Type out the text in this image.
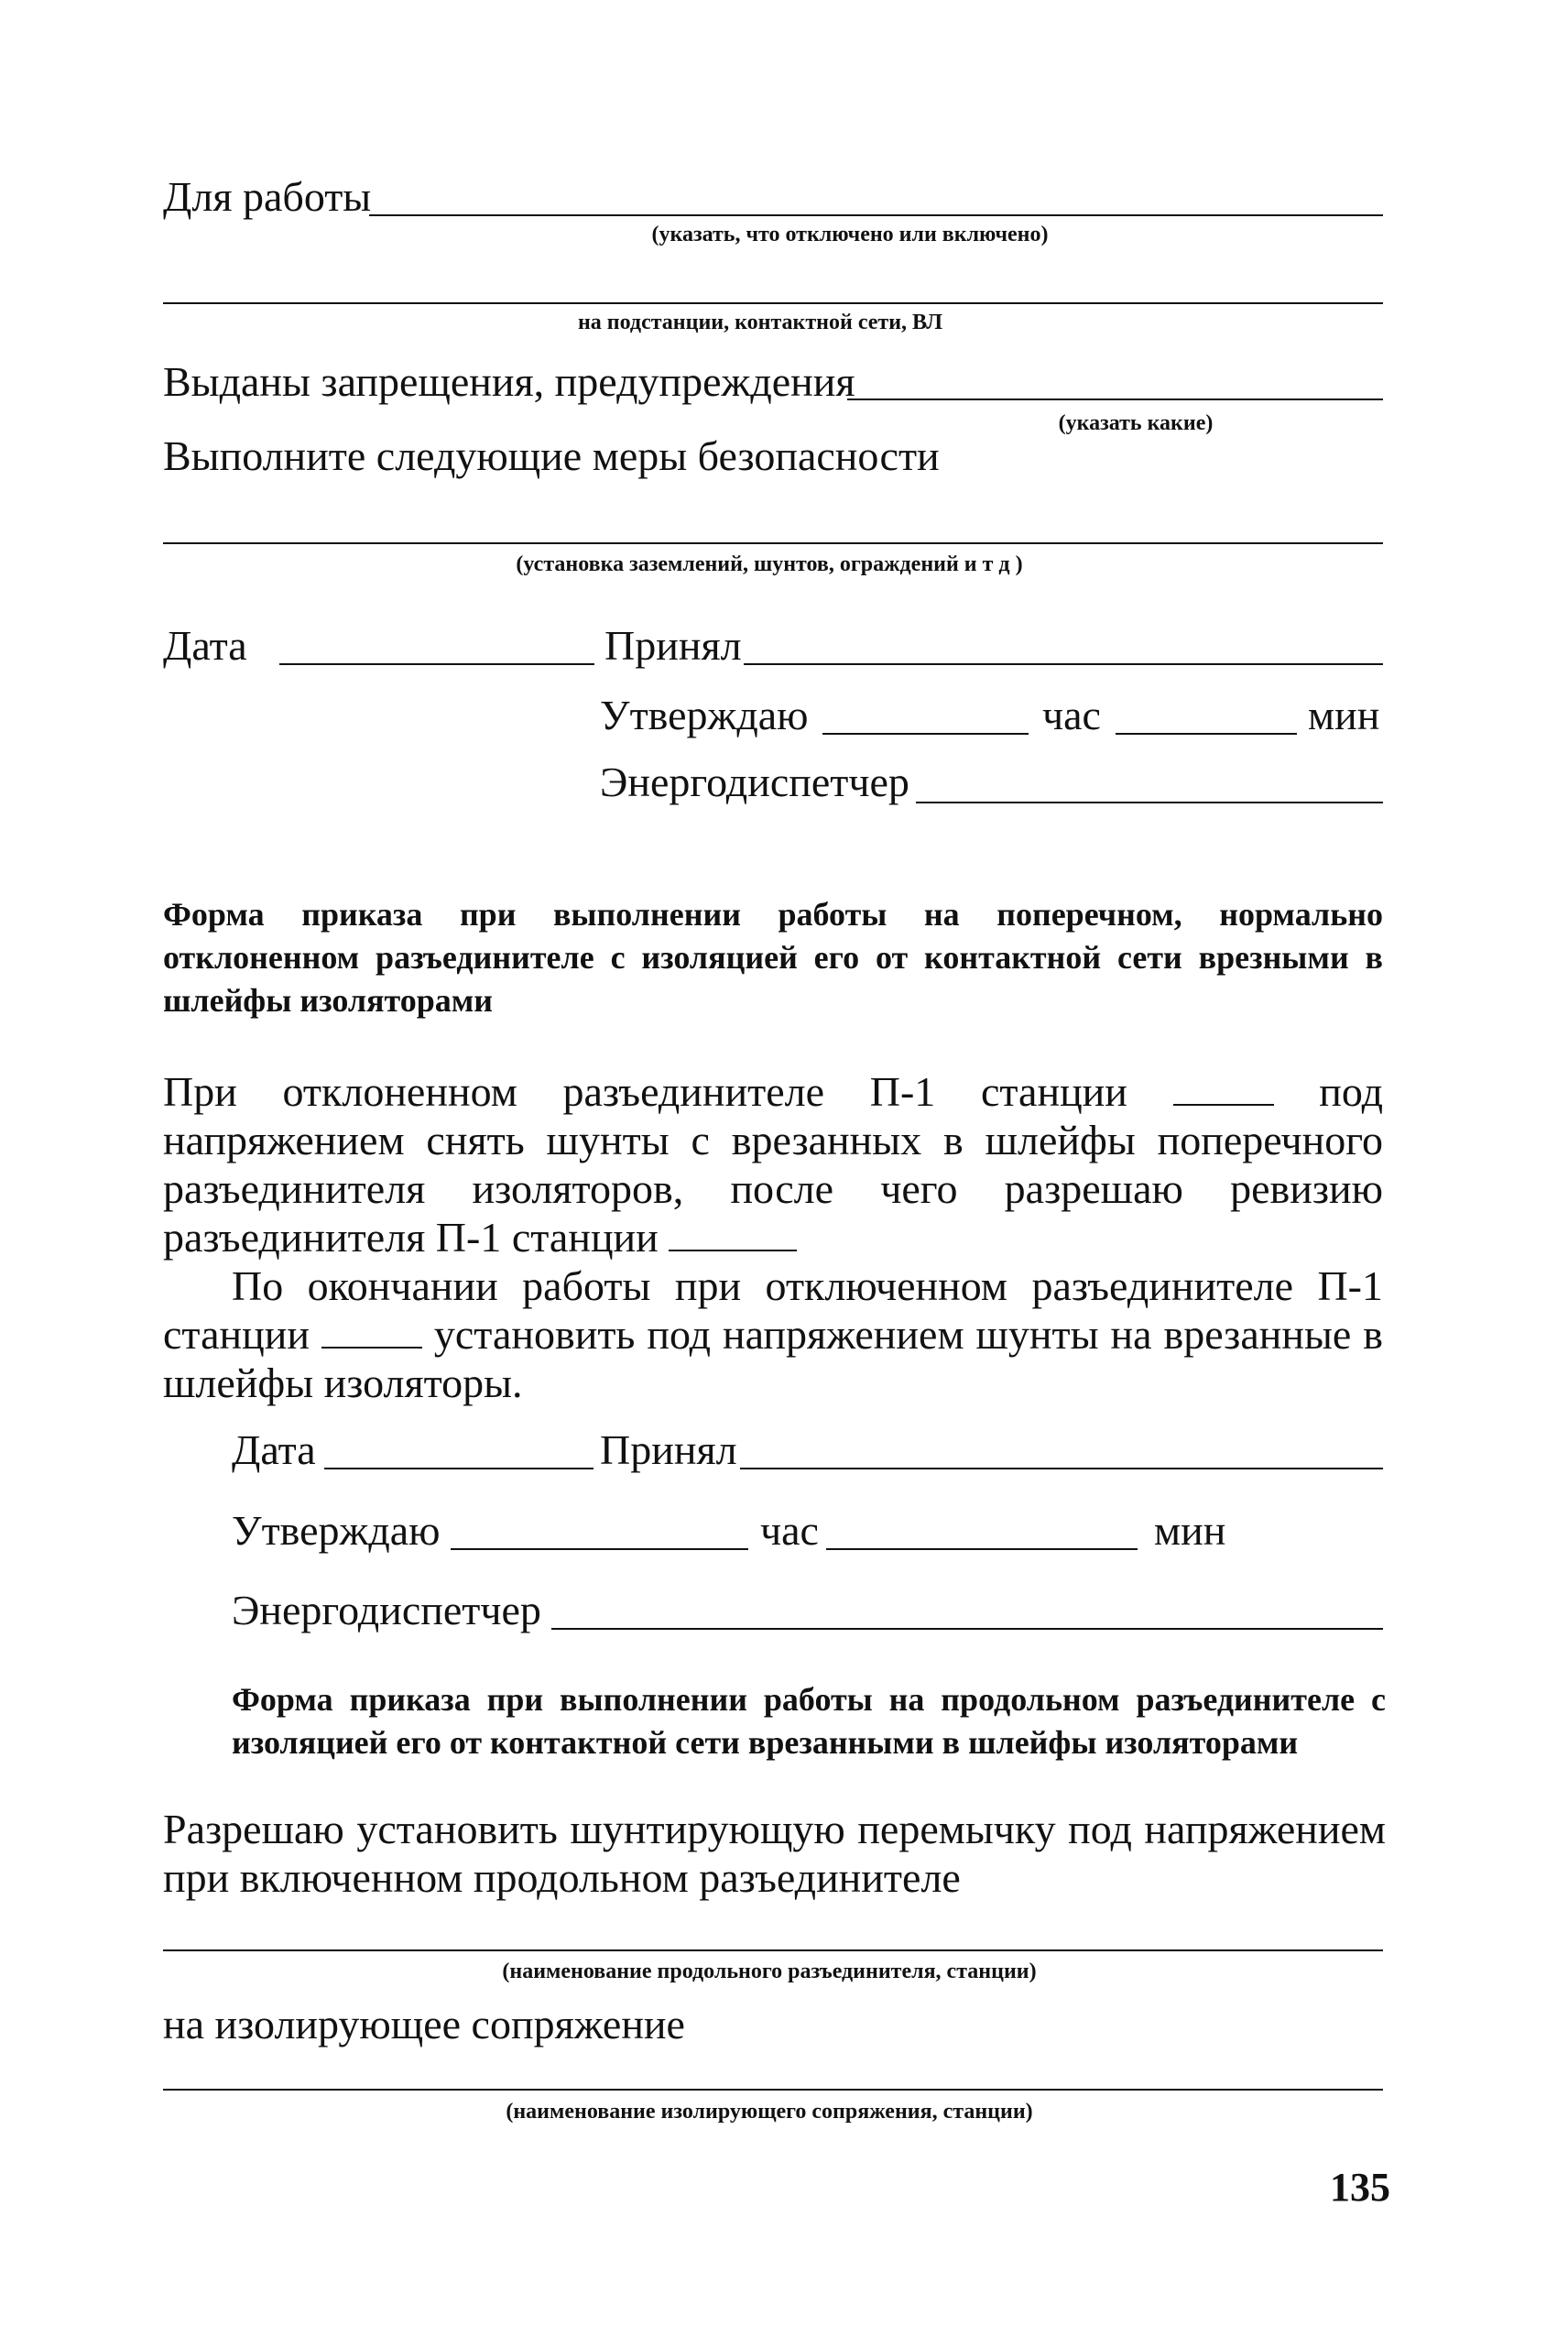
Для работы
(указать, что отключено или включено)
на подстанции, контактной сети, ВЛ
Выданы запрещения, предупреждения
(указать какие)
Выполните следующие меры безопасности
(установка заземлений, шунтов, ограждений и т д )
Дата	Принял
Утверждаю	час	мин
Энергодиспетчер
Форма приказа при выполнении работы на поперечном, нормально отклоненном разъединителе с изоляцией его от контактной сети врезными в шлейфы изоляторами
При отклоненном разъединителе П-1 станции	под напряжением снять шунты с врезанных в шлейфы поперечного разъединителя изоляторов, после чего разрешаю ревизию разъединителя П-1 станции
По окончании работы при отключенном разъединителе П-1 станции	установить под напряжением шунты на врезанные в шлейфы изоляторы.
Дата	Принял
Утверждаю	час	мин
Энергодиспетчер
Форма приказа при выполнении работы на продольном разъединителе с изоляцией его от контактной сети врезанными в шлейфы изоляторами
Разрешаю установить шунтирующую перемычку под напряжением при включенном продольном разъединителе
(наименование продольного разъединителя, станции)
на изолирующее сопряжение
(наименование изолирующего сопряжения, станции)
135
